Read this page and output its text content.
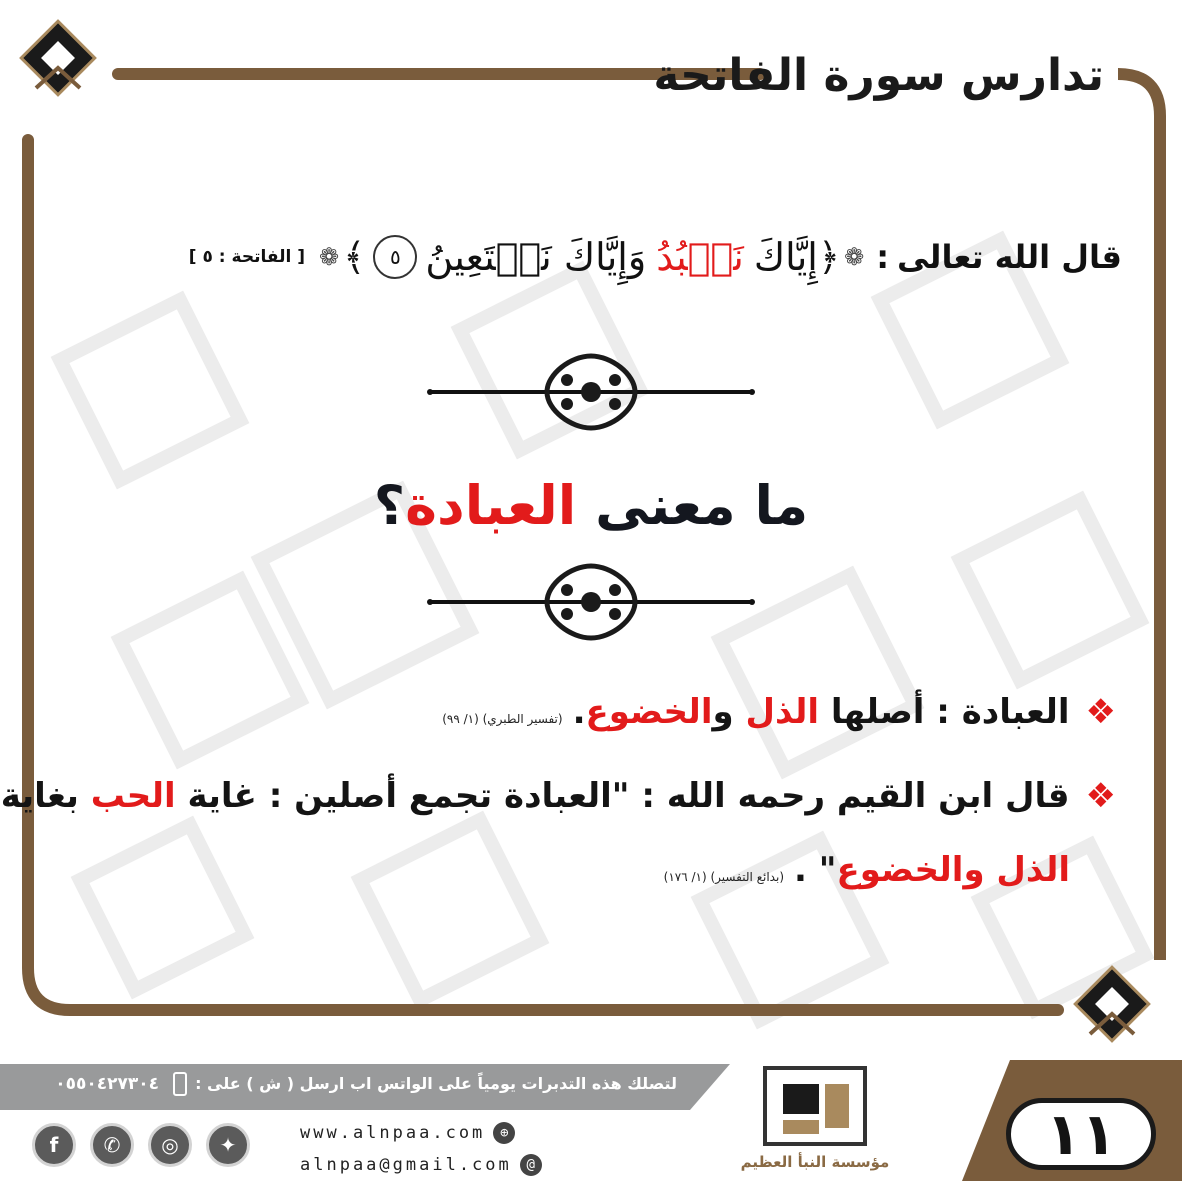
تدارس سورة الفاتحة
قال الله تعالى
:
❁
﴿
إِيَّاكَ
نَعۡبُدُ
وَإِيَّاكَ نَسۡتَعِينُ
٥
﴾
❁
[ الفاتحة : ٥ ]
ما معنى العبادة؟
❖
العبادة : أصلها الذل والخضوع.
(تفسير الطبري) (١/ ٩٩)
❖
قال ابن القيم رحمه الله : "العبادة تجمع أصلين : غاية الحب بغاية
الذل والخضوع" .
(بدائع التفسير) (١/ ١٧٦)
لتصلك هذه التدبرات يومياً على الواتس اب ارسل ( ش ) على :
٠٥٥٠٤٢٧٣٠٤
f	✆	◎	✦	www.alnpaa.com	⊕
alnpaa@gmail.com	@	مؤسسة النبأ العظيم	١١
